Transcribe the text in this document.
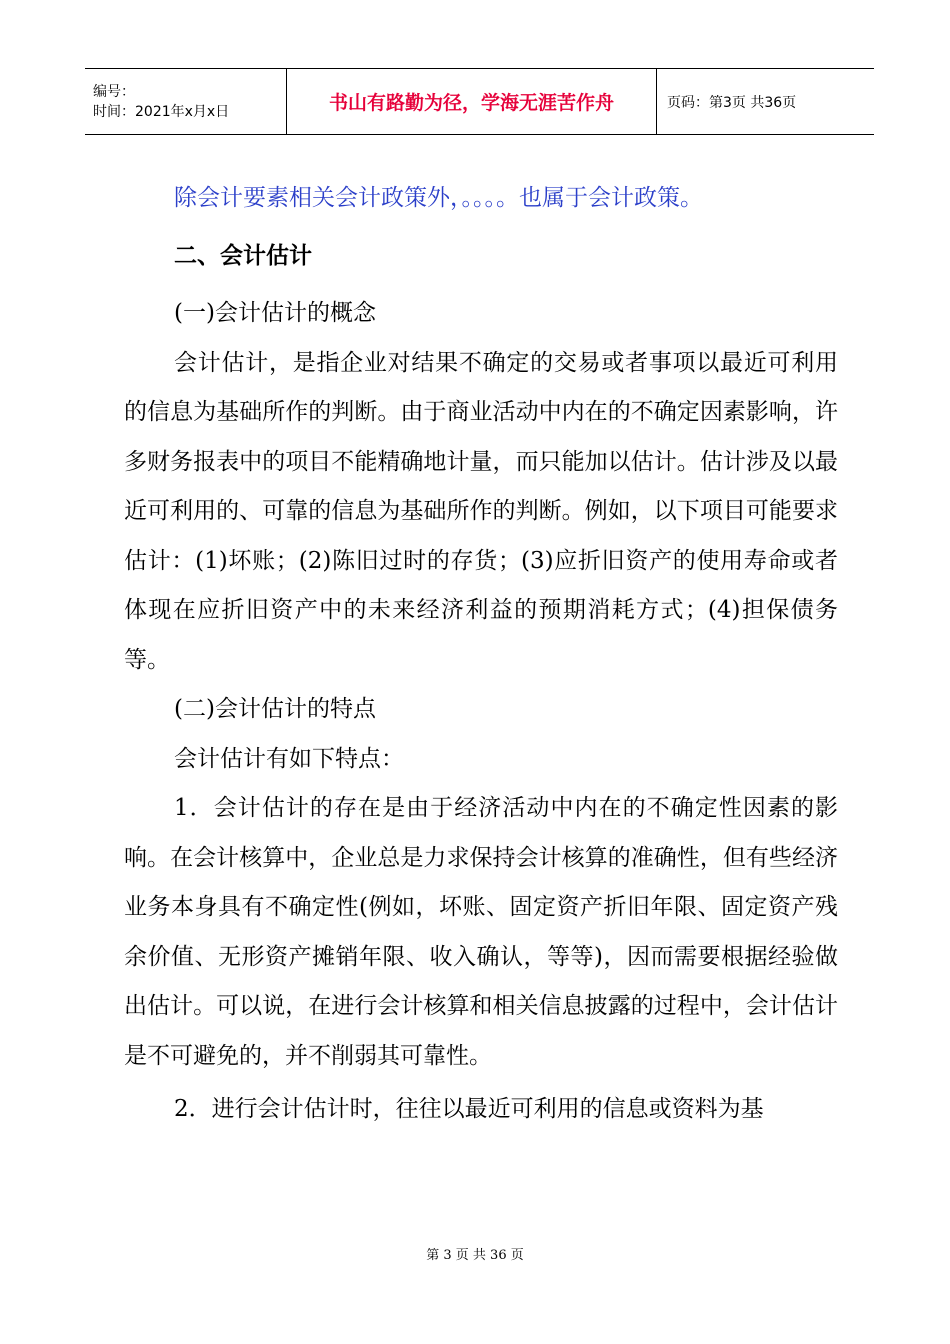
编号：
时间：2021年x月x日	书山有路勤为径，学海无涯苦作舟	页码：第3页 共36页

除会计要素相关会计政策外，。。。。也属于会计政策。

二、会计估计

(一)会计估计的概念

会计估计，是指企业对结果不确定的交易或者事项以最近可利用的信息为基础所作的判断。由于商业活动中内在的不确定因素影响，许多财务报表中的项目不能精确地计量，而只能加以估计。估计涉及以最近可利用的、可靠的信息为基础所作的判断。例如，以下项目可能要求估计：(1)坏账；(2)陈旧过时的存货；(3)应折旧资产的使用寿命或者体现在应折旧资产中的未来经济利益的预期消耗方式；(4)担保债务等。

(二)会计估计的特点

会计估计有如下特点：

1．会计估计的存在是由于经济活动中内在的不确定性因素的影响。在会计核算中，企业总是力求保持会计核算的准确性，但有些经济业务本身具有不确定性(例如，坏账、固定资产折旧年限、固定资产残余价值、无形资产摊销年限、收入确认，等等)，因而需要根据经验做出估计。可以说，在进行会计核算和相关信息披露的过程中，会计估计是不可避免的，并不削弱其可靠性。

2．进行会计估计时，往往以最近可利用的信息或资料为基

第 3 页 共 36 页
